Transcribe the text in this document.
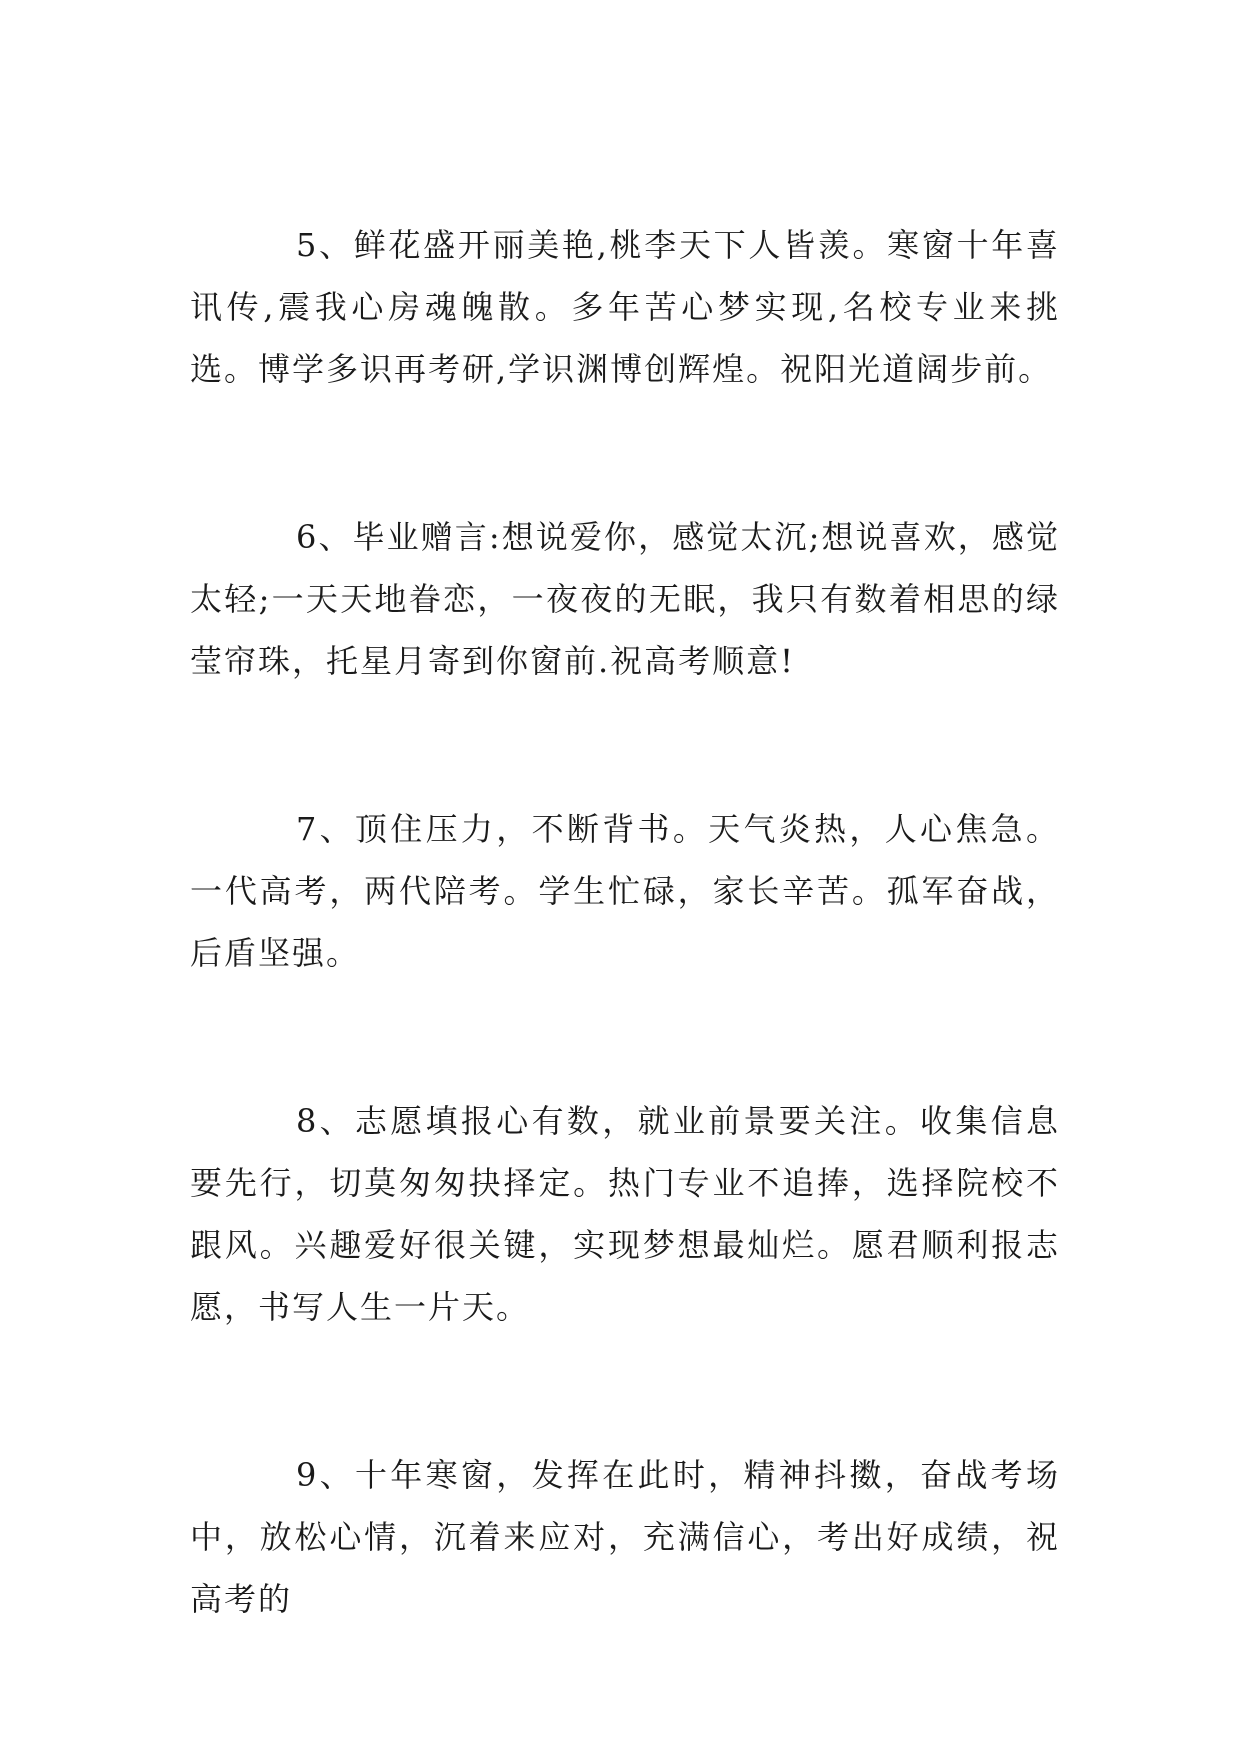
5、鲜花盛开丽美艳,桃李天下人皆羡。寒窗十年喜讯传,震我心房魂魄散。多年苦心梦实现,名校专业来挑选。博学多识再考研,学识渊博创辉煌。祝阳光道阔步前。

6、毕业赠言:想说爱你，感觉太沉;想说喜欢，感觉太轻;一天天地眷恋，一夜夜的无眠，我只有数着相思的绿莹帘珠，托星月寄到你窗前.祝高考顺意!

7、顶住压力，不断背书。天气炎热，人心焦急。一代高考，两代陪考。学生忙碌，家长辛苦。孤军奋战，后盾坚强。

8、志愿填报心有数，就业前景要关注。收集信息要先行，切莫匆匆抉择定。热门专业不追捧，选择院校不跟风。兴趣爱好很关键，实现梦想最灿烂。愿君顺利报志愿，书写人生一片天。

9、十年寒窗，发挥在此时，精神抖擞，奋战考场中，放松心情，沉着来应对，充满信心，考出好成绩，祝高考的
